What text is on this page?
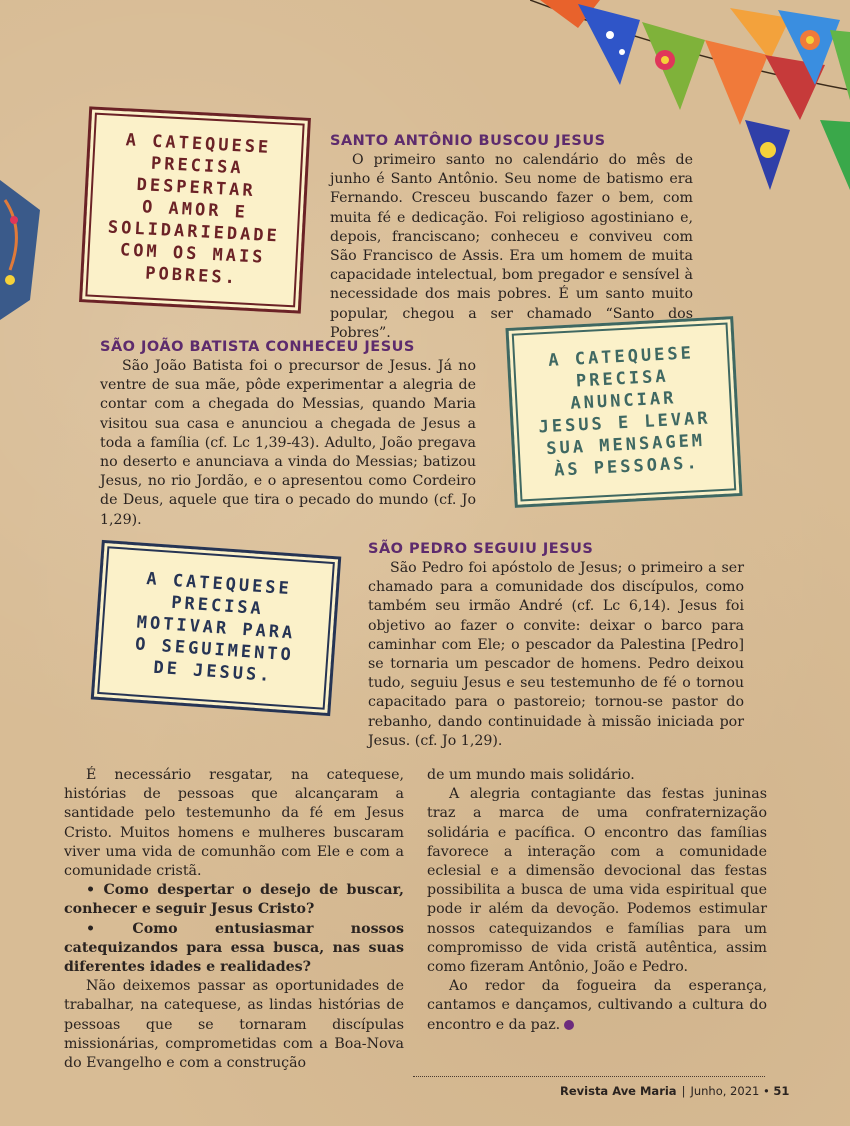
A CATEQUESE
PRECISA
DESPERTAR
O AMOR E
SOLIDARIEDADE
COM OS MAIS
POBRES.
A CATEQUESE
PRECISA
ANUNCIAR
JESUS E LEVAR
SUA MENSAGEM
ÀS PESSOAS.
A CATEQUESE
PRECISA
MOTIVAR PARA
O SEGUIMENTO
DE JESUS.
SANTO ANTÔNIO BUSCOU JESUS

O primeiro santo no calendário do mês de junho é Santo Antônio. Seu nome de batismo era Fernando. Cresceu buscando fazer o bem, com muita fé e dedicação. Foi religioso agostiniano e, depois, franciscano; conheceu e conviveu com São Francisco de Assis. Era um homem de muita capacidade intelectual, bom pregador e sensível à necessidade dos mais pobres. É um santo muito popular, chegou a ser chamado “Santo dos Pobres”.

SÃO JOÃO BATISTA CONHECEU JESUS

São João Batista foi o precursor de Jesus. Já no ventre de sua mãe, pôde experimentar a alegria de contar com a chegada do Messias, quando Maria visitou sua casa e anunciou a chegada de Jesus a toda a família (cf. Lc 1,39-43). Adulto, João pregava no deserto e anunciava a vinda do Messias; batizou Jesus, no rio Jordão, e o apresentou como Cordeiro de Deus, aquele que tira o pecado do mundo (cf. Jo 1,29).

SÃO PEDRO SEGUIU JESUS

São Pedro foi apóstolo de Jesus; o primeiro a ser chamado para a comunidade dos discípulos, como também seu irmão André (cf. Lc 6,14). Jesus foi objetivo ao fazer o convite: deixar o barco para caminhar com Ele; o pescador da Palestina [Pedro] se tornaria um pescador de homens. Pedro deixou tudo, seguiu Jesus e seu testemunho de fé o tornou capacitado para o pastoreio; tornou-se pastor do rebanho, dando continuidade à missão iniciada por Jesus. (cf. Jo 1,29).

É necessário resgatar, na catequese, histórias de pessoas que alcançaram a santidade pelo testemunho da fé em Jesus Cristo. Muitos homens e mulheres buscaram viver uma vida de comunhão com Ele e com a comunidade cristã.

• Como despertar o desejo de buscar, conhecer e seguir Jesus Cristo?

• Como entusiasmar nossos catequizandos para essa busca, nas suas diferentes idades e realidades?

Não deixemos passar as oportunidades de trabalhar, na catequese, as lindas histórias de pessoas que se tornaram discípulas missionárias, comprometidas com a Boa-Nova do Evangelho e com a construção

de um mundo mais solidário.

A alegria contagiante das festas juninas traz a marca de uma confraternização solidária e pacífica. O encontro das famílias favorece a interação com a comunidade eclesial e a dimensão devocional das festas possibilita a busca de uma vida espiritual que pode ir além da devoção. Podemos estimular nossos catequizandos e famílias para um compromisso de vida cristã autêntica, assim como fizeram Antônio, João e Pedro.

Ao redor da fogueira da esperança, cantamos e dançamos, cultivando a cultura do encontro e da paz.

Revista Ave Maria | Junho, 2021 • 51
